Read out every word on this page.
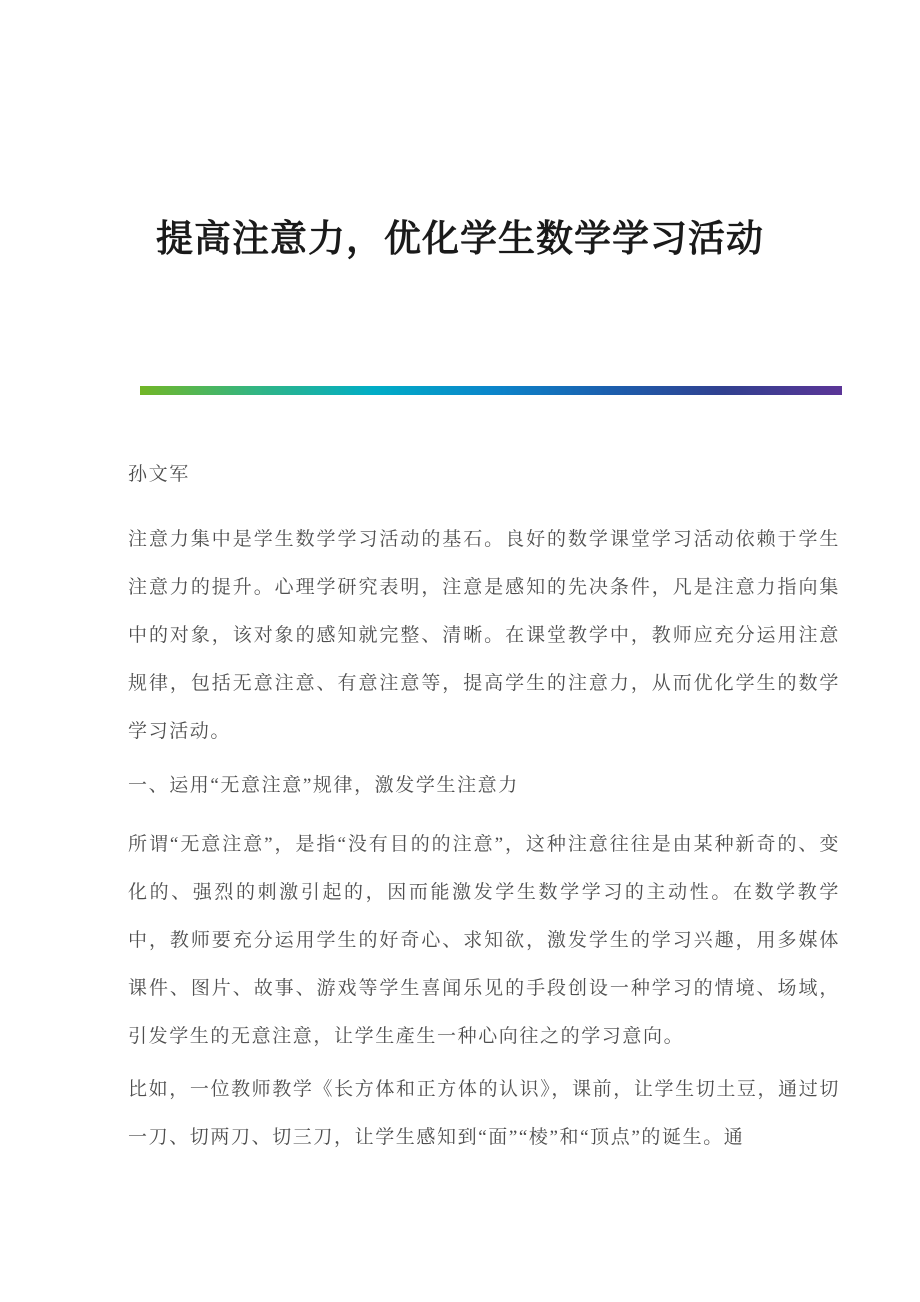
提高注意力，优化学生数学学习活动
孙文军

注意力集中是学生数学学习活动的基石。良好的数学课堂学习活动依赖于学生注意力的提升。心理学研究表明，注意是感知的先决条件，凡是注意力指向集中的对象，该对象的感知就完整、清晰。在课堂教学中，教师应充分运用注意规律，包括无意注意、有意注意等，提高学生的注意力，从而优化学生的数学学习活动。

一、运用“无意注意”规律，激发学生注意力

所谓“无意注意”，是指“没有目的的注意”，这种注意往往是由某种新奇的、变化的、强烈的刺激引起的，因而能激发学生数学学习的主动性。在数学教学中，教师要充分运用学生的好奇心、求知欲，激发学生的学习兴趣，用多媒体课件、图片、故事、游戏等学生喜闻乐见的手段创设一种学习的情境、场域，引发学生的无意注意，让学生產生一种心向往之的学习意向。

比如，一位教师教学《长方体和正方体的认识》，课前，让学生切土豆，通过切一刀、切两刀、切三刀，让学生感知到“面”“棱”和“顶点”的诞生。通
